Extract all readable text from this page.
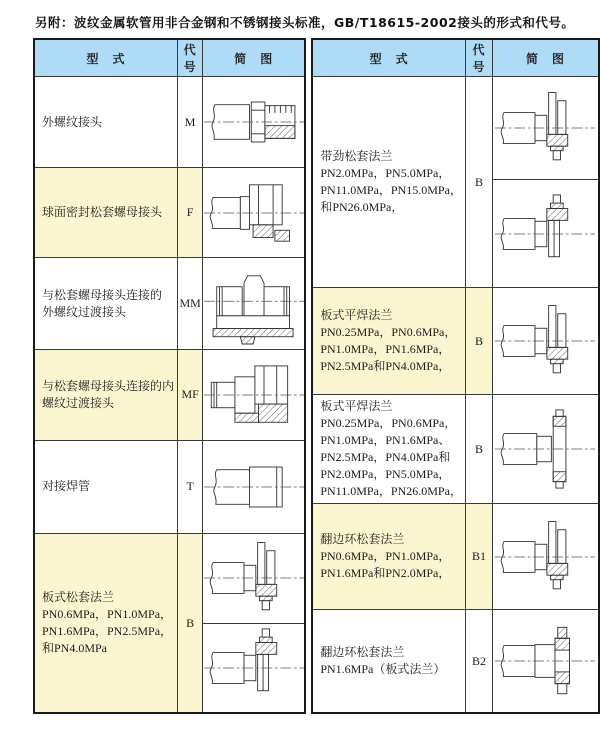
另附：波纹金属软管用非合金钢和不锈钢接头标准，GB/T18615-2002接头的形式和代号。
型　式	代号	简　图

外螺纹接头	M	

球面密封松套螺母接头	F	

与松套螺母接头连接的
外螺纹过渡接头	MM	

与松套螺母接头连接的内
螺纹过渡接头	MF	

对接焊管	T	

板式松套法兰
PN0.6MPa，PN1.0MPa，
PN1.6MPa，PN2.5MPa，
和PN4.0MPa	B	

型　式	代号	简　图

带劲松套法兰
PN2.0MPa，PN5.0MPa，
PN11.0MPa，PN15.0MPa，
和PN26.0MPa，	B	

板式平焊法兰
PN0.25MPa，PN0.6MPa，
PN1.0MPa，PN1.6MPa，
PN2.5MPa和PN4.0MPa，	B	

板式平焊法兰
PN0.25MPa，PN0.6MPa，
PN1.0MPa，PN1.6MPa、
PN2.5MPa，PN4.0MPa和
PN2.0MPa，PN5.0MPa，
PN11.0MPa，PN26.0MPa，
	B	

翻边环松套法兰
PN0.6MPa，PN1.0MPa，
PN1.6MPa和PN2.0MPa，	B1	

翻边环松套法兰
PN1.6MPa（板式法兰）	B2	
